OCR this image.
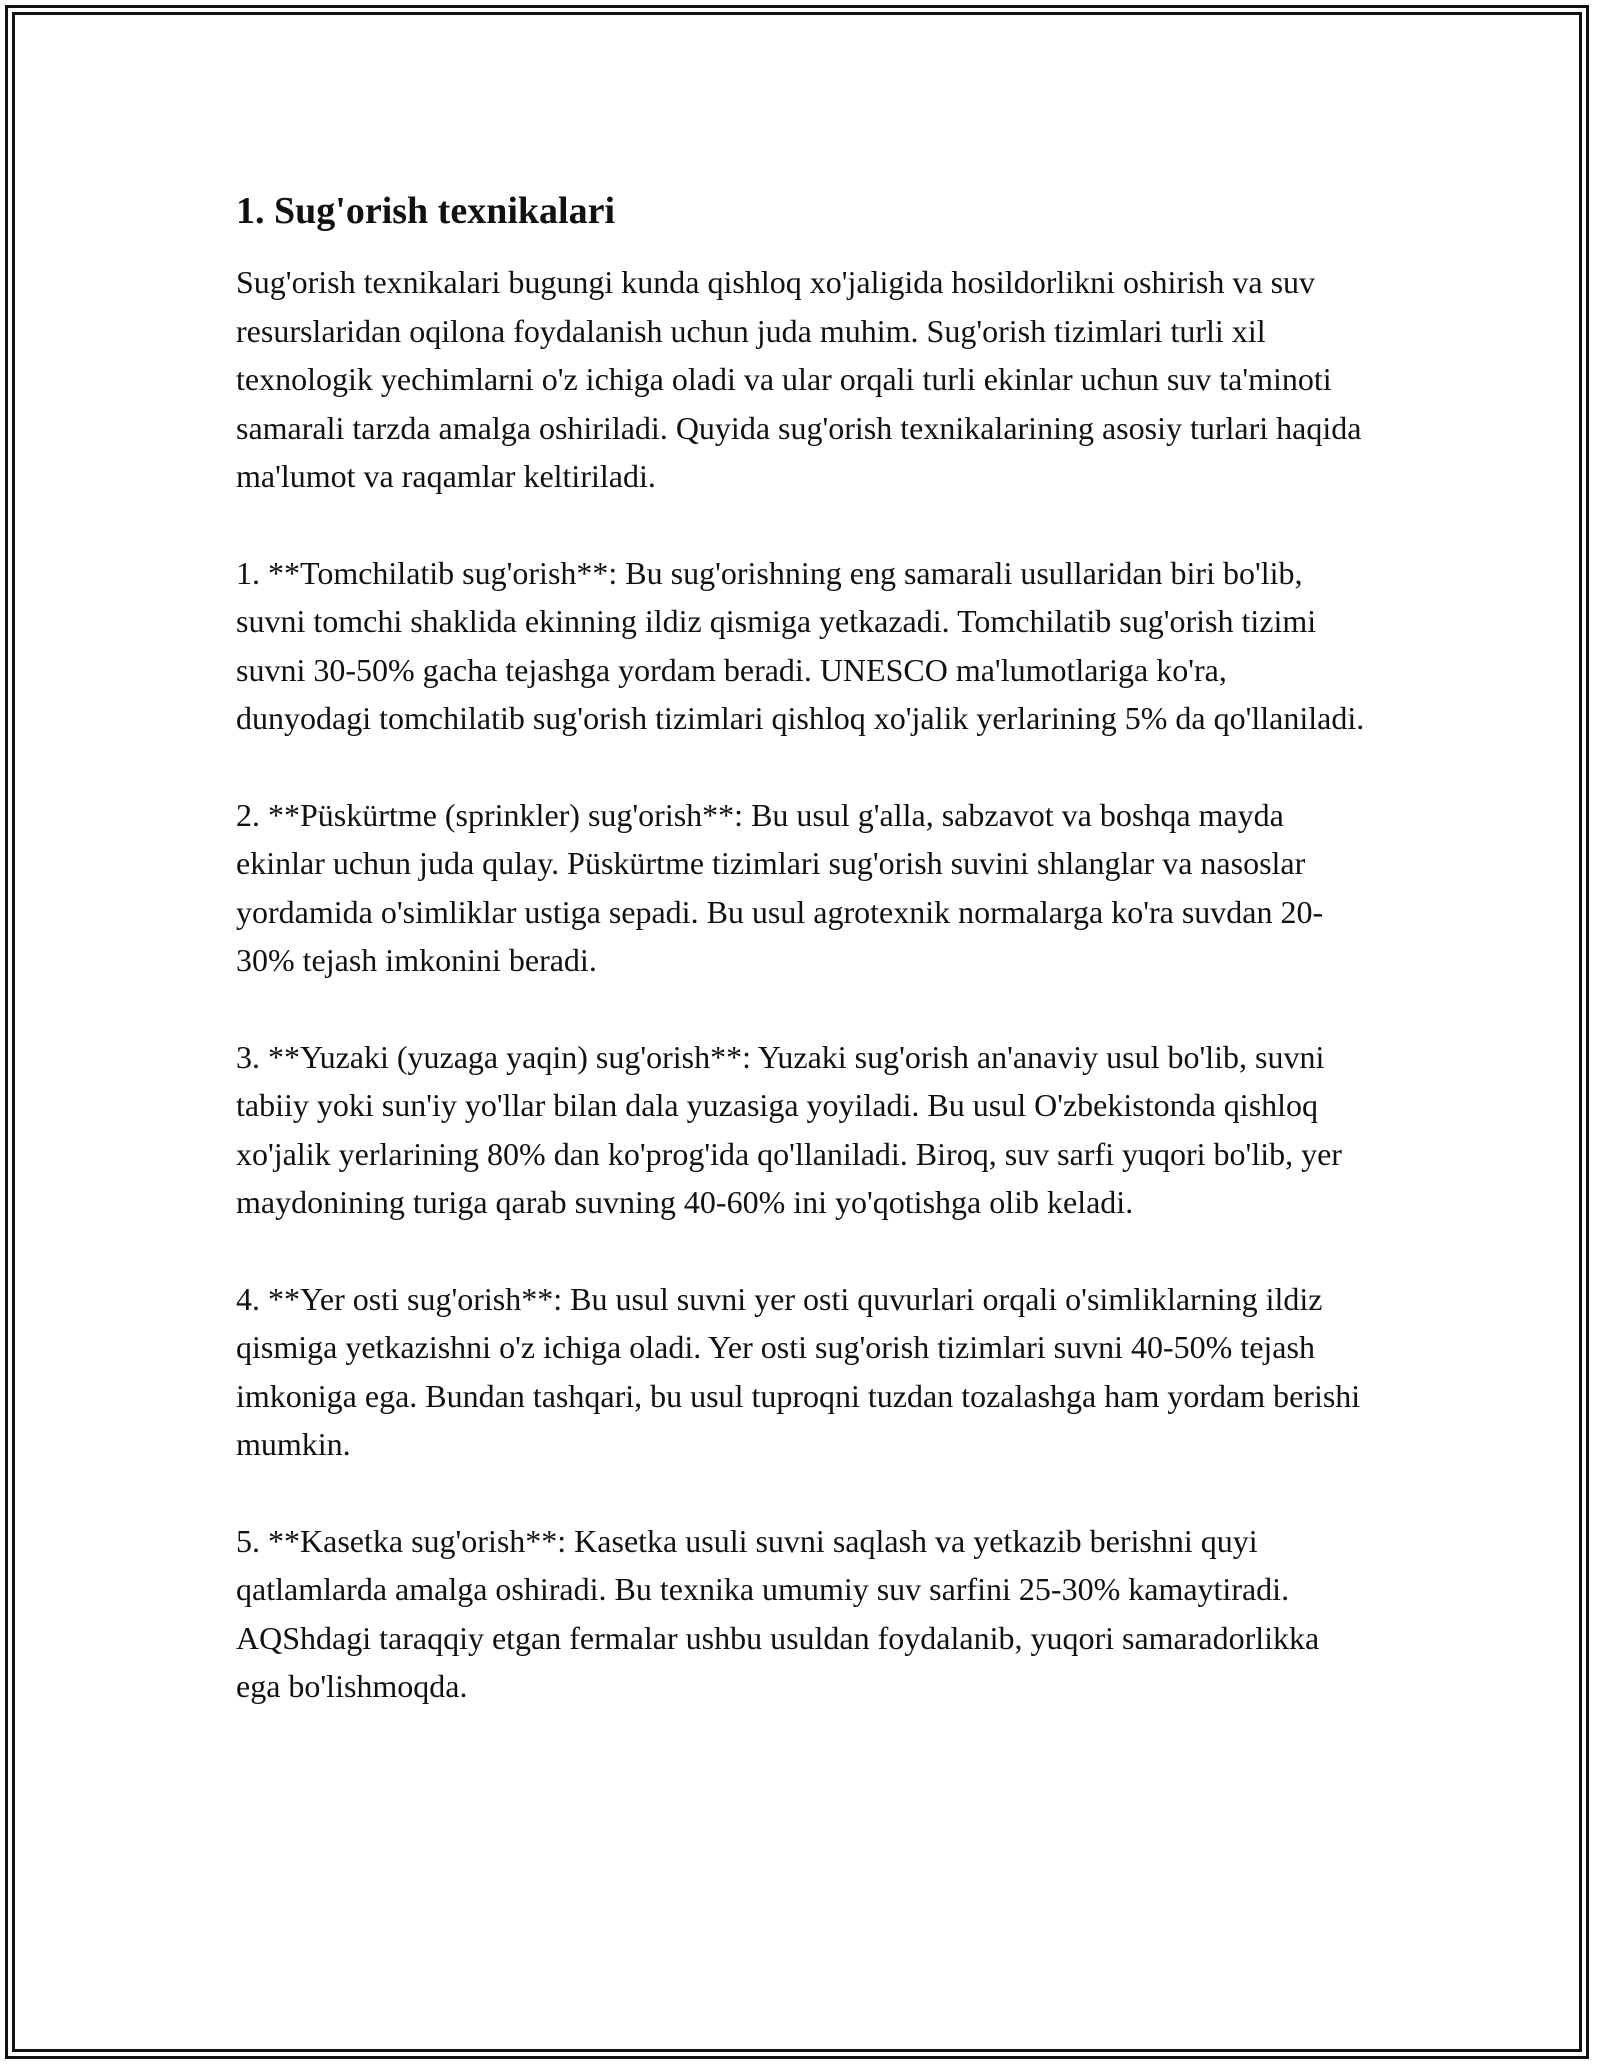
1. Sug'orish texnikalari

Sug'orish texnikalari bugungi kunda qishloq xo'jaligida hosildorlikni oshirish va suv resurslaridan oqilona foydalanish uchun juda muhim. Sug'orish tizimlari turli xil texnologik yechimlarni o'z ichiga oladi va ular orqali turli ekinlar uchun suv ta'minoti samarali tarzda amalga oshiriladi. Quyida sug'orish texnikalarining asosiy turlari haqida ma'lumot va raqamlar keltiriladi.

1. **Tomchilatib sug'orish**: Bu sug'orishning eng samarali usullaridan biri bo'lib, suvni tomchi shaklida ekinning ildiz qismiga yetkazadi. Tomchilatib sug'orish tizimi suvni 30-50% gacha tejashga yordam beradi. UNESCO ma'lumotlariga ko'ra, dunyodagi tomchilatib sug'orish tizimlari qishloq xo'jalik yerlarining 5% da qo'llaniladi.

2. **Püskürtme (sprinkler) sug'orish**: Bu usul g'alla, sabzavot va boshqa mayda ekinlar uchun juda qulay. Püskürtme tizimlari sug'orish suvini shlanglar va nasoslar yordamida o'simliklar ustiga sepadi. Bu usul agrotexnik normalarga ko'ra suvdan 20-30% tejash imkonini beradi.

3. **Yuzaki (yuzaga yaqin) sug'orish**: Yuzaki sug'orish an'anaviy usul bo'lib, suvni tabiiy yoki sun'iy yo'llar bilan dala yuzasiga yoyiladi. Bu usul O'zbekistonda qishloq xo'jalik yerlarining 80% dan ko'prog'ida qo'llaniladi. Biroq, suv sarfi yuqori bo'lib, yer maydonining turiga qarab suvning 40-60% ini yo'qotishga olib keladi.

4. **Yer osti sug'orish**: Bu usul suvni yer osti quvurlari orqali o'simliklarning ildiz qismiga yetkazishni o'z ichiga oladi. Yer osti sug'orish tizimlari suvni 40-50% tejash imkoniga ega. Bundan tashqari, bu usul tuproqni tuzdan tozalashga ham yordam berishi mumkin.

5. **Kasetka sug'orish**: Kasetka usuli suvni saqlash va yetkazib berishni quyi qatlamlarda amalga oshiradi. Bu texnika umumiy suv sarfini 25-30% kamaytiradi. AQShdagi taraqqiy etgan fermalar ushbu usuldan foydalanib, yuqori samaradorlikka ega bo'lishmoqda.
